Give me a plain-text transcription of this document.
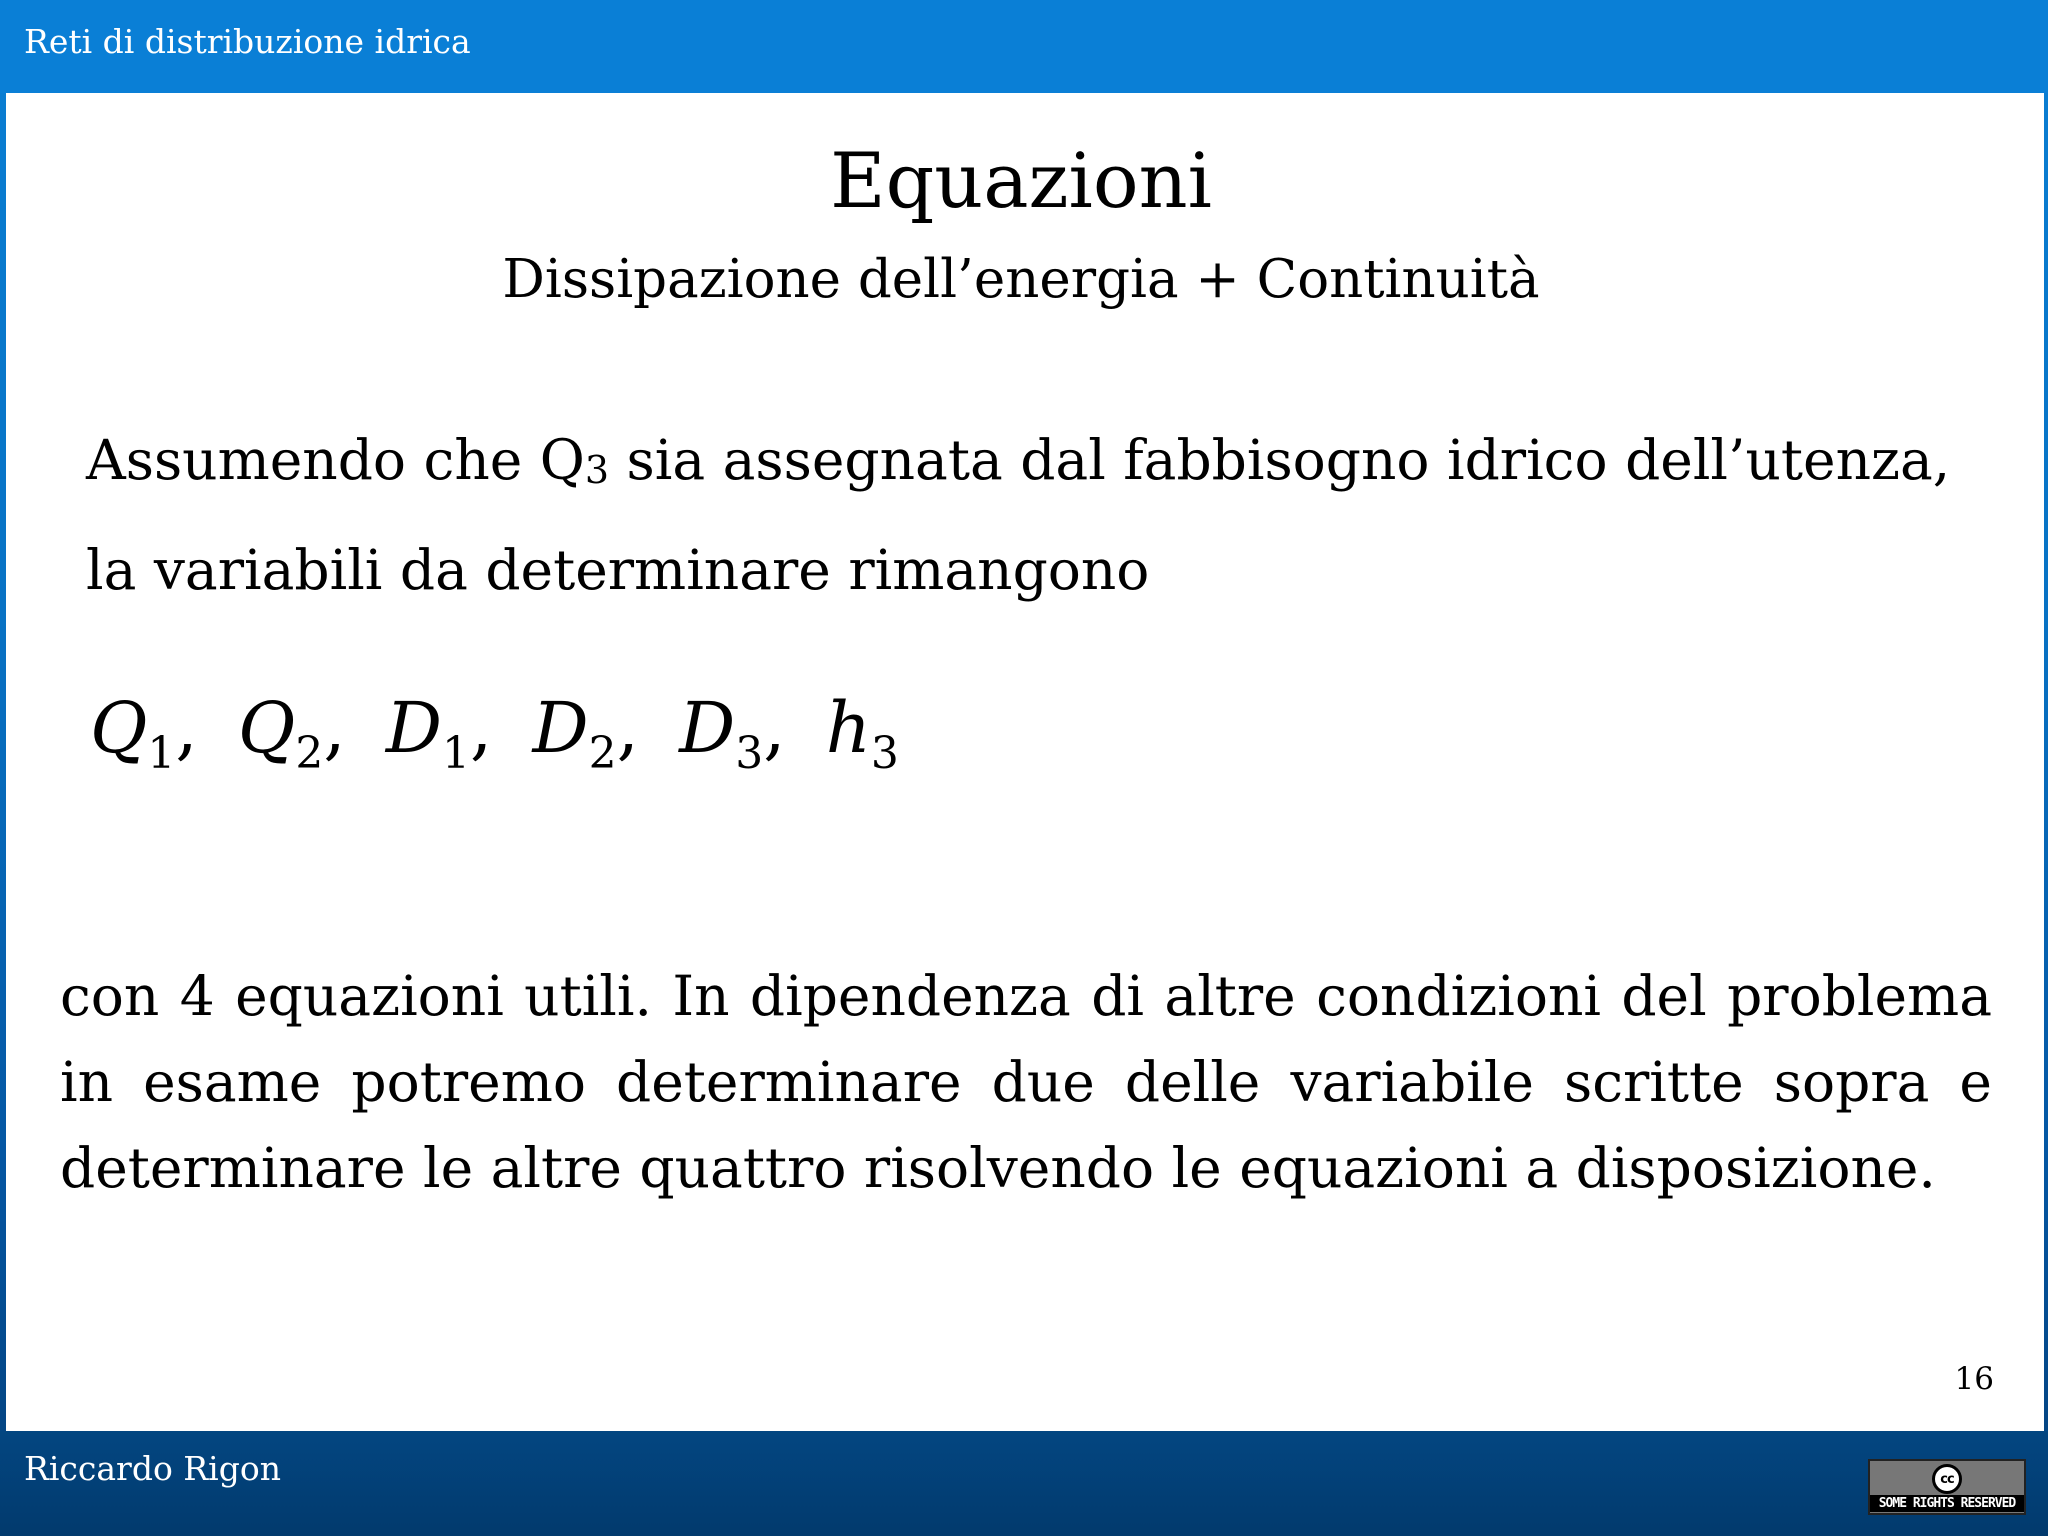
Reti di distribuzione idrica
Equazioni
Dissipazione dell’energia + Continuità
Assumendo che $Q_3$ sia assegnata dal fabbisogno idrico dell’utenza,
la variabili da determinare rimangono
$Q_1$, $Q_2$, $D_1$, $D_2$, $D_3$, $h_3$
con 4 equazioni utili. In dipendenza di altre condizioni del problema in esame potremo determinare due delle variabile scritte sopra e determinare le altre quattro risolvendo le equazioni a disposizione.
16
Riccardo Rigon	cc
SOME RIGHTS RESERVED
